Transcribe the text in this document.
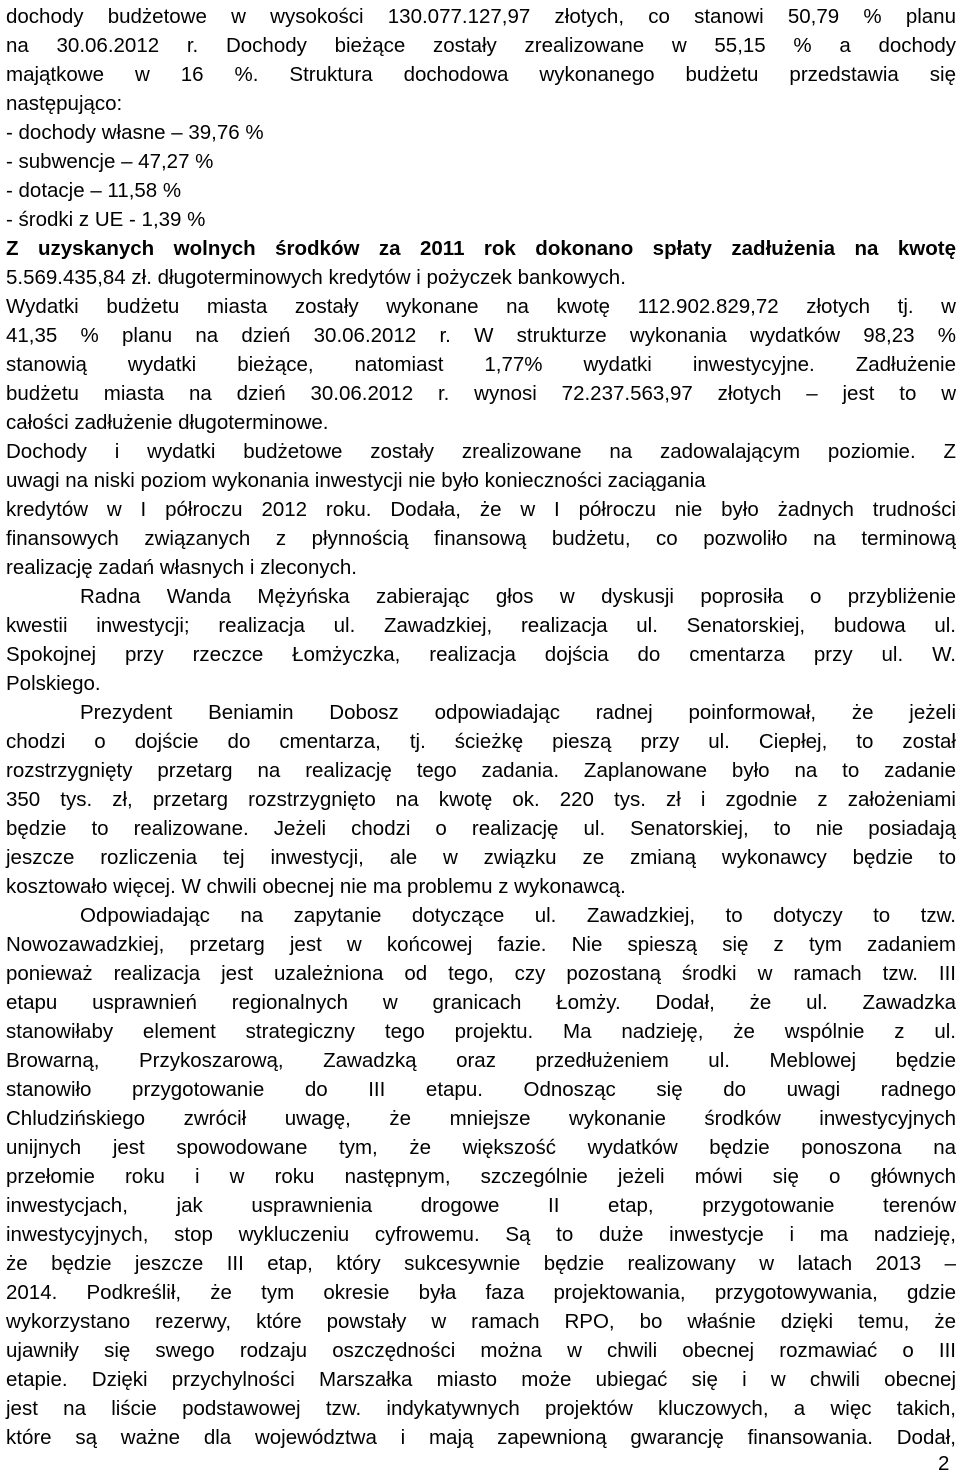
dochody budżetowe w wysokości 130.077.127,97 złotych, co stanowi 50,79 % planu
na 30.06.2012 r. Dochody bieżące zostały zrealizowane w 55,15 % a dochody
majątkowe w 16 %. Struktura dochodowa wykonanego budżetu przedstawia się
następująco:
- dochody własne – 39,76 %
- subwencje – 47,27 %
- dotacje – 11,58 %
- środki z UE - 1,39 %
Z uzyskanych wolnych środków za 2011 rok dokonano spłaty zadłużenia na kwotę
5.569.435,84 zł. długoterminowych kredytów i pożyczek bankowych.
Wydatki budżetu miasta zostały wykonane na kwotę 112.902.829,72 złotych tj. w
41,35 % planu na dzień 30.06.2012 r. W strukturze wykonania wydatków 98,23 %
stanowią wydatki bieżące, natomiast 1,77% wydatki inwestycyjne. Zadłużenie
budżetu miasta na dzień 30.06.2012 r. wynosi 72.237.563,97 złotych – jest to w
całości zadłużenie długoterminowe.
Dochody i wydatki budżetowe zostały zrealizowane na zadowalającym poziomie. Z
uwagi na niski poziom wykonania inwestycji nie było konieczności zaciągania
kredytów w I półroczu 2012 roku. Dodała, że w I półroczu nie było żadnych trudności
finansowych związanych z płynnością finansową budżetu, co pozwoliło na terminową
realizację zadań własnych i zleconych.
Radna Wanda Mężyńska zabierając głos w dyskusji poprosiła o przybliżenie
kwestii inwestycji; realizacja ul. Zawadzkiej, realizacja ul. Senatorskiej, budowa ul.
Spokojnej przy rzeczce Łomżyczka, realizacja dojścia do cmentarza przy ul. W.
Polskiego.
Prezydent Beniamin Dobosz odpowiadając radnej poinformował, że jeżeli
chodzi o dojście do cmentarza, tj. ścieżkę pieszą przy ul. Ciepłej, to został
rozstrzygnięty przetarg na realizację tego zadania. Zaplanowane było na to zadanie
350 tys. zł, przetarg rozstrzygnięto na kwotę ok. 220 tys. zł i zgodnie z założeniami
będzie to realizowane. Jeżeli chodzi o realizację ul. Senatorskiej, to nie posiadają
jeszcze rozliczenia tej inwestycji, ale w związku ze zmianą wykonawcy będzie to
kosztowało więcej. W chwili obecnej nie ma problemu z wykonawcą.
Odpowiadając na zapytanie dotyczące ul. Zawadzkiej, to dotyczy to tzw.
Nowozawadzkiej, przetarg jest w końcowej fazie. Nie spieszą się z tym zadaniem
ponieważ realizacja jest uzależniona od tego, czy pozostaną środki w ramach tzw. III
etapu usprawnień regionalnych w granicach Łomży. Dodał, że ul. Zawadzka
stanowiłaby element strategiczny tego projektu. Ma nadzieję, że wspólnie z ul.
Browarną, Przykoszarową, Zawadzką oraz przedłużeniem ul. Meblowej będzie
stanowiło przygotowanie do III etapu. Odnosząc się do uwagi radnego
Chludzińskiego zwrócił uwagę, że mniejsze wykonanie środków inwestycyjnych
unijnych jest spowodowane tym, że większość wydatków będzie ponoszona na
przełomie roku i w roku następnym, szczególnie jeżeli mówi się o głównych
inwestycjach, jak usprawnienia drogowe II etap, przygotowanie terenów
inwestycyjnych, stop wykluczeniu cyfrowemu. Są to duże inwestycje i ma nadzieję,
że będzie jeszcze III etap, który sukcesywnie będzie realizowany w latach 2013 –
2014. Podkreślił, że tym okresie była faza projektowania, przygotowywania, gdzie
wykorzystano rezerwy, które powstały w ramach RPO, bo właśnie dzięki temu, że
ujawniły się swego rodzaju oszczędności można w chwili obecnej rozmawiać o III
etapie. Dzięki przychylności Marszałka miasto może ubiegać się i w chwili obecnej
jest na liście podstawowej tzw. indykatywnych projektów kluczowych, a więc takich,
które są ważne dla województwa i mają zapewnioną gwarancję finansowania. Dodał,
2
